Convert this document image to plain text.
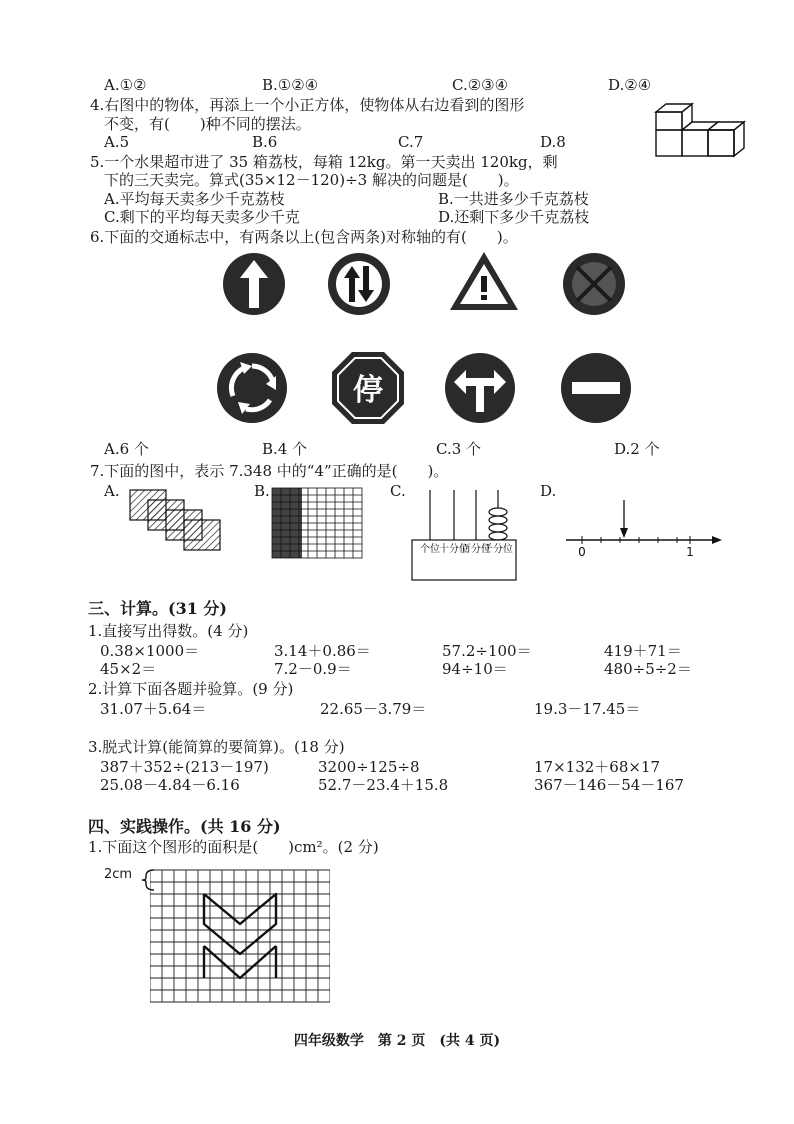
A.①②	B.①②④	C.②③④	D.②④
4.右图中的物体，再添上一个小正方体，使物体从右边看到的图形
不变，有(　　)种不同的摆法。
A.5	B.6	C.7	D.8
5.一个水果超市进了 35 箱荔枝，每箱 12kg。第一天卖出 120kg，剩
下的三天卖完。算式(35×12－120)÷3 解决的问题是(　　)。
A.平均每天卖多少千克荔枝	B.一共进多少千克荔枝
C.剩下的平均每天卖多少千克	D.还剩下多少千克荔枝
6.下面的交通标志中，有两条以上(包含两条)对称轴的有(　　)。
停
A.6 个	B.4 个	C.3 个	D.2 个
7.下面的图中，表示 7.348 中的“4”正确的是(　　)。
A.	B.	C.	D.
个位 十分位
百分位
千分位	0	1
三、计算。(31 分)
1.直接写出得数。(4 分)
0.38×1000＝	3.14＋0.86＝	57.2÷100＝	419＋71＝
45×2＝	7.2－0.9＝	94÷10＝	480÷5÷2＝
2.计算下面各题并验算。(9 分)
31.07＋5.64＝	22.65－3.79＝	19.3－17.45＝
3.脱式计算(能简算的要简算)。(18 分)
387＋352÷(213－197)	3200÷125÷8	17×132＋68×17
25.08－4.84－6.16	52.7－23.4＋15.8	367－146－54－167
四、实践操作。(共 16 分)
1.下面这个图形的面积是(　　)cm²。(2 分)
2cm
四年级数学　第 2 页　(共 4 页)
